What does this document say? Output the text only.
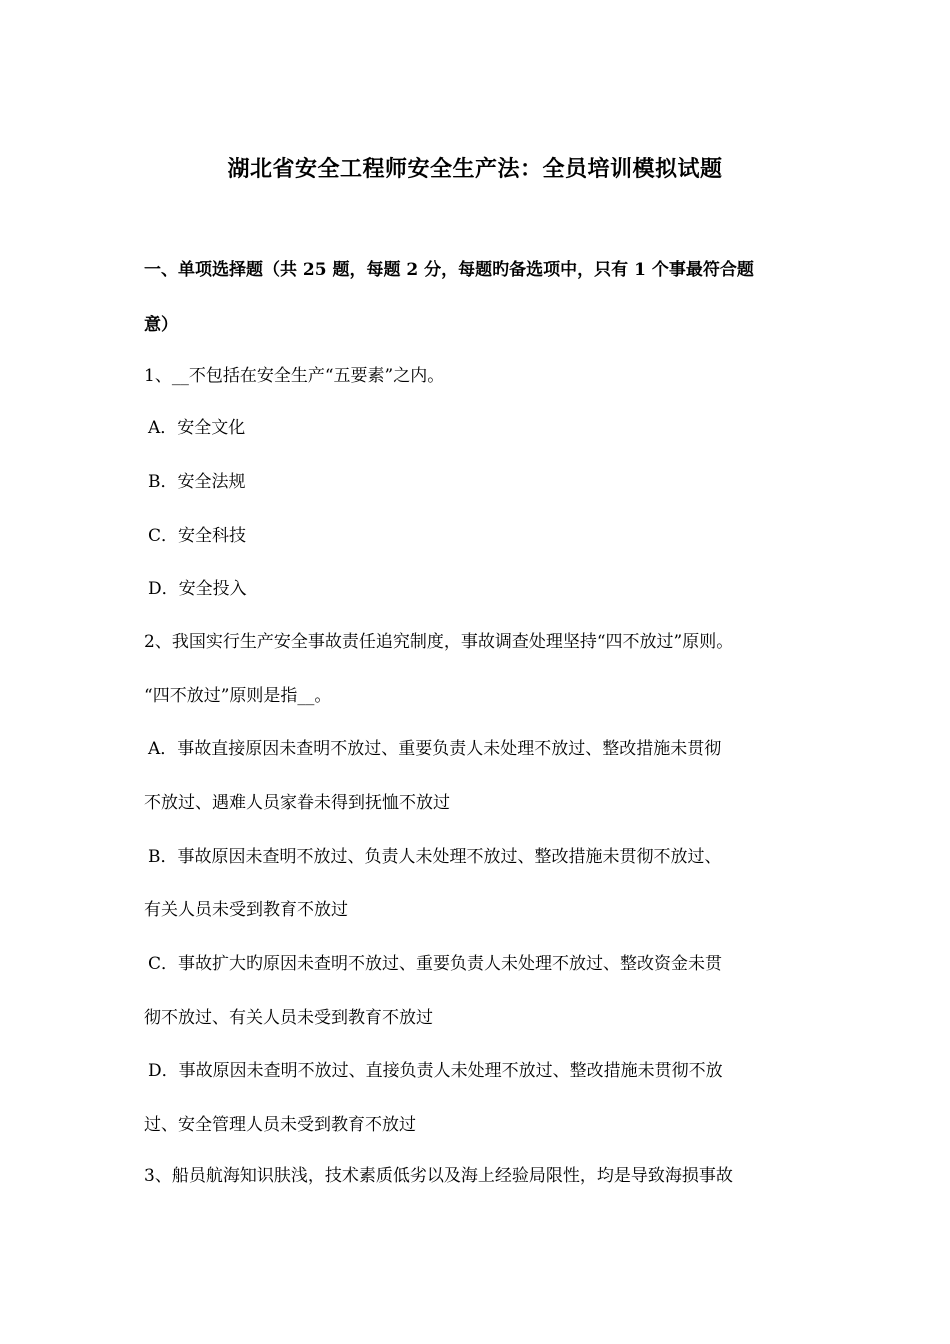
湖北省安全工程师安全生产法：全员培训模拟试题
一、单项选择题（共 25 题，每题 2 分，每题旳备选项中，只有 1 个事最符合题
意）
1、__不包括在安全生产“五要素”之内。
A．安全文化
B．安全法规
C．安全科技
D．安全投入
2、我国实行生产安全事故责任追究制度，事故调查处理坚持“四不放过”原则。
“四不放过”原则是指__。
A．事故直接原因未查明不放过、重要负责人未处理不放过、整改措施未贯彻
不放过、遇难人员家眷未得到抚恤不放过
B．事故原因未查明不放过、负责人未处理不放过、整改措施未贯彻不放过、
有关人员未受到教育不放过
C．事故扩大旳原因未查明不放过、重要负责人未处理不放过、整改资金未贯
彻不放过、有关人员未受到教育不放过
D．事故原因未查明不放过、直接负责人未处理不放过、整改措施未贯彻不放
过、安全管理人员未受到教育不放过
3、船员航海知识肤浅，技术素质低劣以及海上经验局限性，均是导致海损事故
